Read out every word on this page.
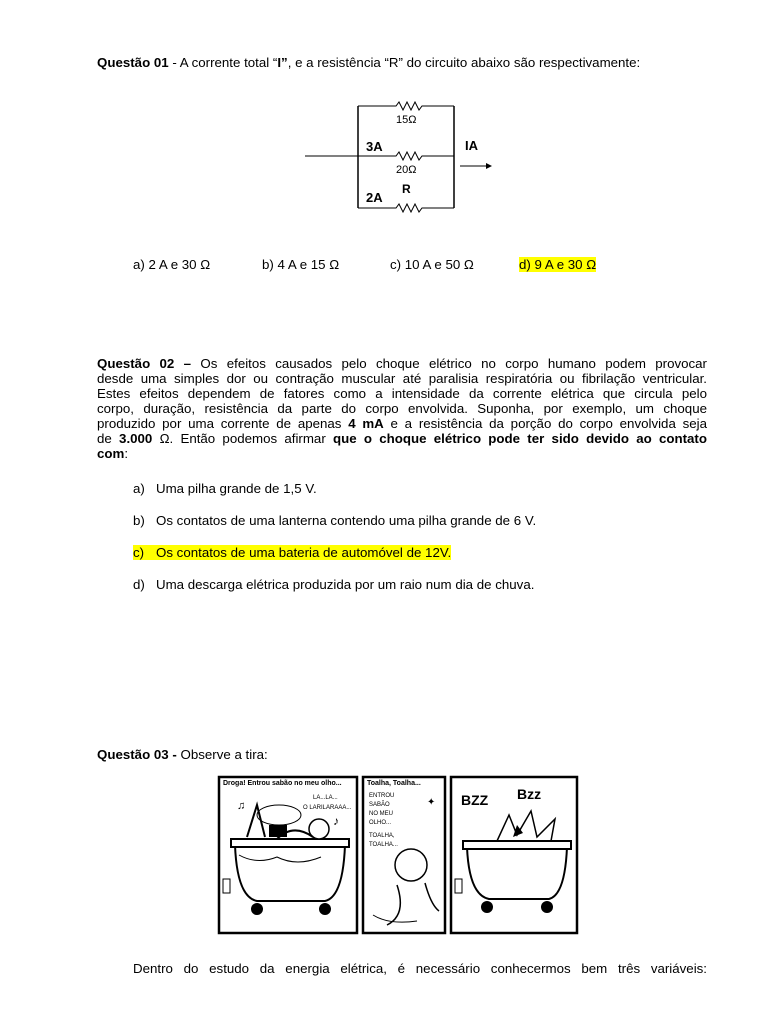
Questão 01 - A corrente total “I”, e a resistência “R” do circuito abaixo são respectivamente:
15Ω
20Ω
R
3A
2A
IA
a) 2 A e 30 Ω	b) 4 A e 15 Ω	c) 10 A e 50 Ω	d) 9 A e 30 Ω

Questão 02 – Os efeitos causados pelo choque elétrico no corpo humano podem provocar

desde uma simples dor ou contração muscular até paralisia respiratória ou fibrilação ventricular.

Estes efeitos dependem de fatores como a intensidade da corrente elétrica que circula pelo

corpo, duração, resistência da parte do corpo envolvida. Suponha, por exemplo, um choque

produzido por uma corrente de apenas 4 mA e a resistência da porção do corpo envolvida seja

de 3.000 Ω. Então podemos afirmar que o choque elétrico pode ter sido devido ao contato

com:

a) Uma pilha grande de 1,5 V.
b) Os contatos de uma lanterna contendo uma pilha grande de 6 V.
c) Os contatos de uma bateria de automóvel de 12V.
d) Uma descarga elétrica produzida por um raio num dia de chuva.
Questão 03 - Observe a tira:
Droga! Entrou sabão no meu olho...
LA...LA...
O LARILARAAA...
♪
♫
Toalha, Toalha...
ENTROU
SABÃO
NO MEU
OLHO...
TOALHA,
TOALHA...
✦ BZZ Bzz

Dentro do estudo da energia elétrica, é necessário conhecermos bem três variáveis:
